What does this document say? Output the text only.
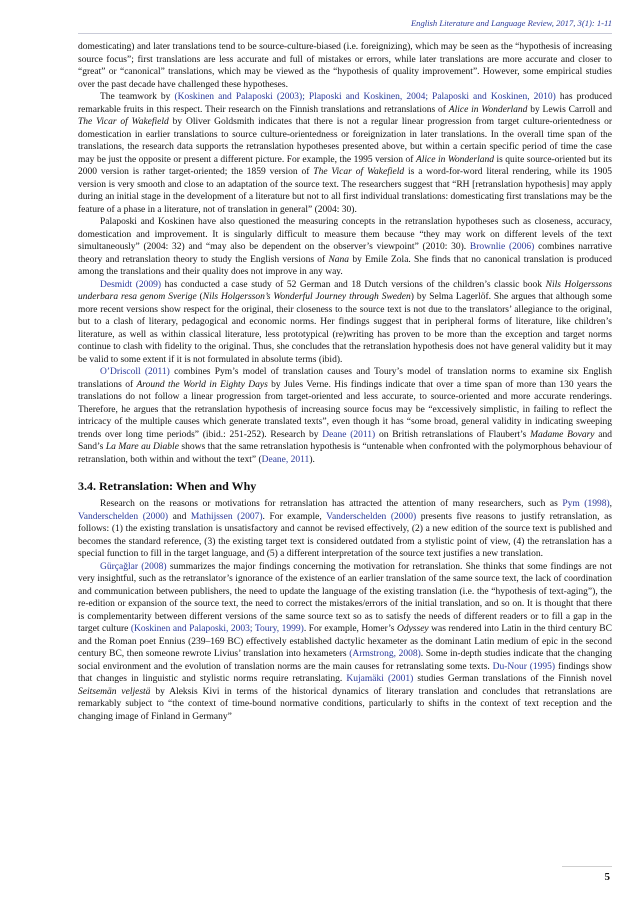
English Literature and Language Review, 2017, 3(1): 1-11

domesticating) and later translations tend to be source-culture-biased (i.e. foreignizing), which may be seen as the “hypothesis of increasing source focus”; first translations are less accurate and full of mistakes or errors, while later translations are more accurate and closer to “great” or “canonical” translations, which may be viewed as the “hypothesis of quality improvement”. However, some empirical studies over the past decade have challenged these hypotheses.

The teamwork by (Koskinen and Palaposki (2003); Plaposki and Koskinen, 2004; Palaposki and Koskinen, 2010) has produced remarkable fruits in this respect. Their research on the Finnish translations and retranslations of Alice in Wonderland by Lewis Carroll and The Vicar of Wakefield by Oliver Goldsmith indicates that there is not a regular linear progression from target culture-orientedness or domestication in earlier translations to source culture-orientedness or foreignization in later translations. In the overall time span of the translations, the research data supports the retranslation hypotheses presented above, but within a certain specific period of time the case may be just the opposite or present a different picture. For example, the 1995 version of Alice in Wonderland is quite source-oriented but its 2000 version is rather target-oriented; the 1859 version of The Vicar of Wakefield is a word-for-word literal rendering, while its 1905 version is very smooth and close to an adaptation of the source text. The researchers suggest that “RH [retranslation hypothesis] may apply during an initial stage in the development of a literature but not to all first individual translations: domesticating first translations may be the feature of a phase in a literature, not of translation in general” (2004: 30).

Palaposki and Koskinen have also questioned the measuring concepts in the retranslation hypotheses such as closeness, accuracy, domestication and improvement. It is singularly difficult to measure them because “they may work on different levels of the text simultaneously” (2004: 32) and “may also be dependent on the observer’s viewpoint” (2010: 30). Brownlie (2006) combines narrative theory and retranslation theory to study the English versions of Nana by Emile Zola. She finds that no canonical translation is produced among the translations and their quality does not improve in any way.

Desmidt (2009) has conducted a case study of 52 German and 18 Dutch versions of the children’s classic book Nils Holgerssons underbara resa genom Sverige (Nils Holgersson’s Wonderful Journey through Sweden) by Selma Lagerlöf. She argues that although some more recent versions show respect for the original, their closeness to the source text is not due to the translators’ allegiance to the original, but to a clash of literary, pedagogical and economic norms. Her findings suggest that in peripheral forms of literature, like children’s literature, as well as within classical literature, less prototypical (re)writing has proven to be more than the exception and target norms continue to clash with fidelity to the original. Thus, she concludes that the retranslation hypothesis does not have general validity but it may be valid to some extent if it is not formulated in absolute terms (ibid).

O’Driscoll (2011) combines Pym’s model of translation causes and Toury’s model of translation norms to examine six English translations of Around the World in Eighty Days by Jules Verne. His findings indicate that over a time span of more than 130 years the translations do not follow a linear progression from target-oriented and less accurate, to source-oriented and more accurate renderings. Therefore, he argues that the retranslation hypothesis of increasing source focus may be “excessively simplistic, in failing to reflect the intricacy of the multiple causes which generate translated texts”, even though it has “some broad, general validity in indicating sweeping trends over long time periods” (ibid.: 251-252). Research by Deane (2011) on British retranslations of Flaubert’s Madame Bovary and Sand’s La Mare au Diable shows that the same retranslation hypothesis is “untenable when confronted with the polymorphous behaviour of retranslation, both within and without the text” (Deane, 2011).

3.4. Retranslation: When and Why

Research on the reasons or motivations for retranslation has attracted the attention of many researchers, such as Pym (1998), Vanderschelden (2000) and Mathijssen (2007). For example, Vanderschelden (2000) presents five reasons to justify retranslation, as follows: (1) the existing translation is unsatisfactory and cannot be revised effectively, (2) a new edition of the source text is published and becomes the standard reference, (3) the existing target text is considered outdated from a stylistic point of view, (4) the retranslation has a special function to fill in the target language, and (5) a different interpretation of the source text justifies a new translation.

Gürçağlar (2008) summarizes the major findings concerning the motivation for retranslation. She thinks that some findings are not very insightful, such as the retranslator’s ignorance of the existence of an earlier translation of the same source text, the lack of coordination and communication between publishers, the need to update the language of the existing translation (i.e. the “hypothesis of text-aging”), the re-edition or expansion of the source text, the need to correct the mistakes/errors of the initial translation, and so on. It is thought that there is complementarity between different versions of the same source text so as to satisfy the needs of different readers or to fill a gap in the target culture (Koskinen and Palaposki, 2003; Toury, 1999). For example, Homer’s Odyssey was rendered into Latin in the third century BC and the Roman poet Ennius (239–169 BC) effectively established dactylic hexameter as the dominant Latin medium of epic in the second century BC, then someone rewrote Livius’ translation into hexameters (Armstrong, 2008). Some in-depth studies indicate that the changing social environment and the evolution of translation norms are the main causes for retranslating some texts. Du-Nour (1995) findings show that changes in linguistic and stylistic norms require retranslating. Kujamäki (2001) studies German translations of the Finnish novel Seitsemän veljestä by Aleksis Kivi in terms of the historical dynamics of literary translation and concludes that retranslations are remarkably subject to “the context of time-bound normative conditions, particularly to shifts in the context of text reception and the changing image of Finland in Germany”

5
